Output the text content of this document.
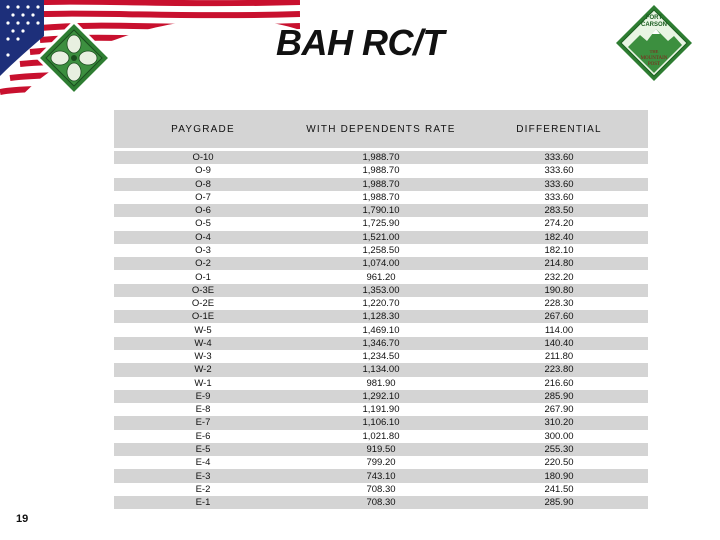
FORT
CARSON
THE
MOUNTAIN
POST
BAH RC/T
PAYGRADE	WITH DEPENDENTS RATE	DIFFERENTIAL
O-10	1,988.70	333.60
O-9	1,988.70	333.60
O-8	1,988.70	333.60
O-7	1,988.70	333.60
O-6	1,790.10	283.50
O-5	1,725.90	274.20
O-4	1,521.00	182.40
O-3	1,258.50	182.10
O-2	1,074.00	214.80
O-1	961.20	232.20
O-3E	1,353.00	190.80
O-2E	1,220.70	228.30
O-1E	1,128.30	267.60
W-5	1,469.10	114.00
W-4	1,346.70	140.40
W-3	1,234.50	211.80
W-2	1,134.00	223.80
W-1	981.90	216.60
E-9	1,292.10	285.90
E-8	1,191.90	267.90
E-7	1,106.10	310.20
E-6	1,021.80	300.00
E-5	919.50	255.30
E-4	799.20	220.50
E-3	743.10	180.90
E-2	708.30	241.50
E-1	708.30	285.90
19
